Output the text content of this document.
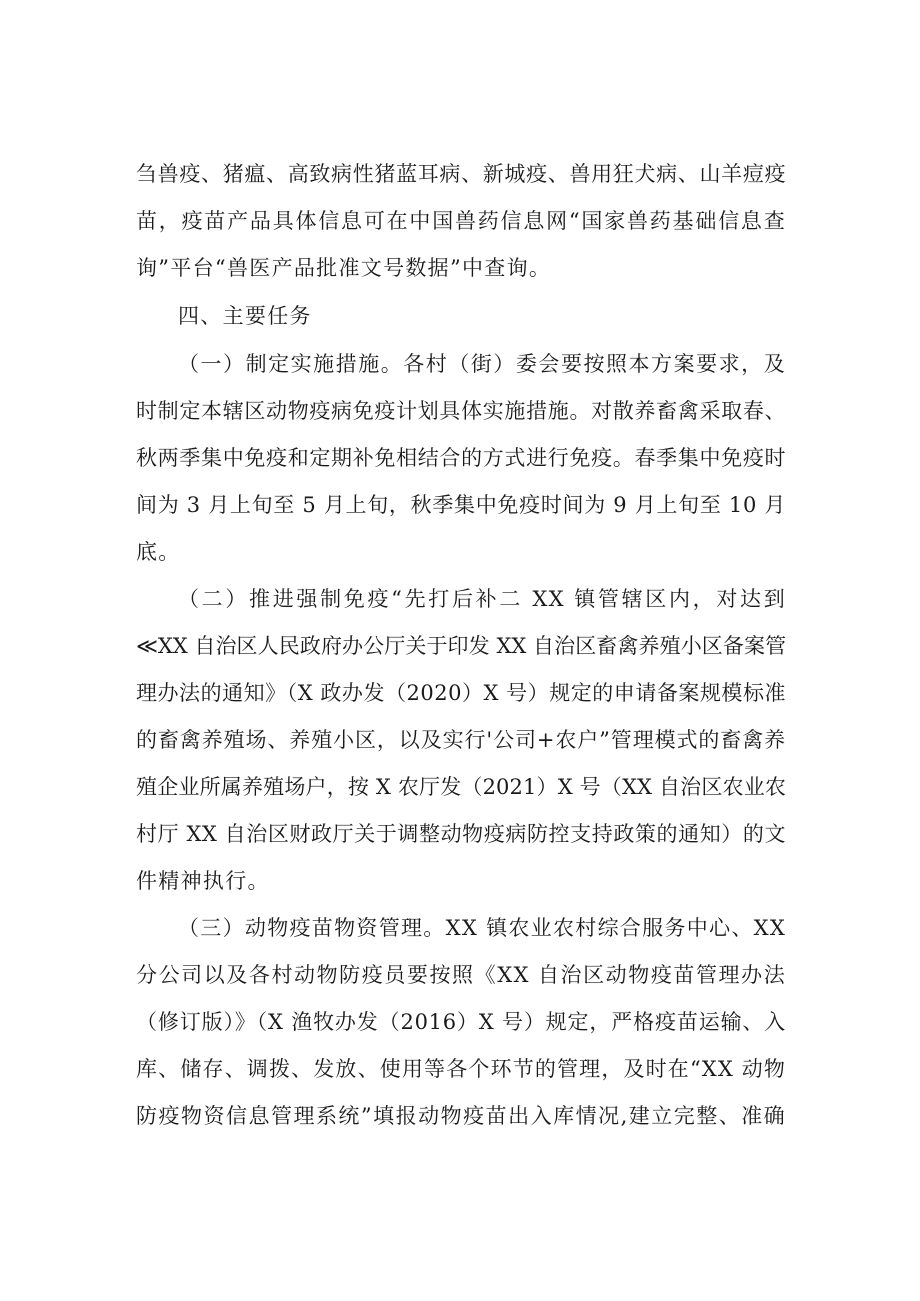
刍兽疫、猪瘟、高致病性猪蓝耳病、新城疫、兽用狂犬病、山羊痘疫
苗，疫苗产品具体信息可在中国兽药信息网“国家兽药基础信息查
询”平台“兽医产品批准文号数据”中查询。
四、主要任务
（一）制定实施措施。各村（街）委会要按照本方案要求，及
时制定本辖区动物疫病免疫计划具体实施措施。对散养畜禽采取春、
秋两季集中免疫和定期补免相结合的方式进行免疫。春季集中免疫时
间为 3 月上旬至 5 月上旬，秋季集中免疫时间为 9 月上旬至 10 月
底。
（二）推进强制免疫“先打后补二 XX 镇管辖区内，对达到
≪XX 自治区人民政府办公厅关于印发 XX 自治区畜禽养殖小区备案管
理办法的通知》（X 政办发（2020）X 号）规定的申请备案规模标准
的畜禽养殖场、养殖小区，以及实行'公司+农户”管理模式的畜禽养
殖企业所属养殖场户，按 X 农厅发（2021）X 号（XX 自治区农业农
村厅 XX 自治区财政厅关于调整动物疫病防控支持政策的通知）的文
件精神执行。
（三）动物疫苗物资管理。XX 镇农业农村综合服务中心、XX
分公司以及各村动物防疫员要按照《XX 自治区动物疫苗管理办法
（修订版）》（X 渔牧办发（2016）X 号）规定，严格疫苗运输、入
库、储存、调拨、发放、使用等各个环节的管理，及时在“XX 动物
防疫物资信息管理系统”填报动物疫苗出入库情况,建立完整、准确
